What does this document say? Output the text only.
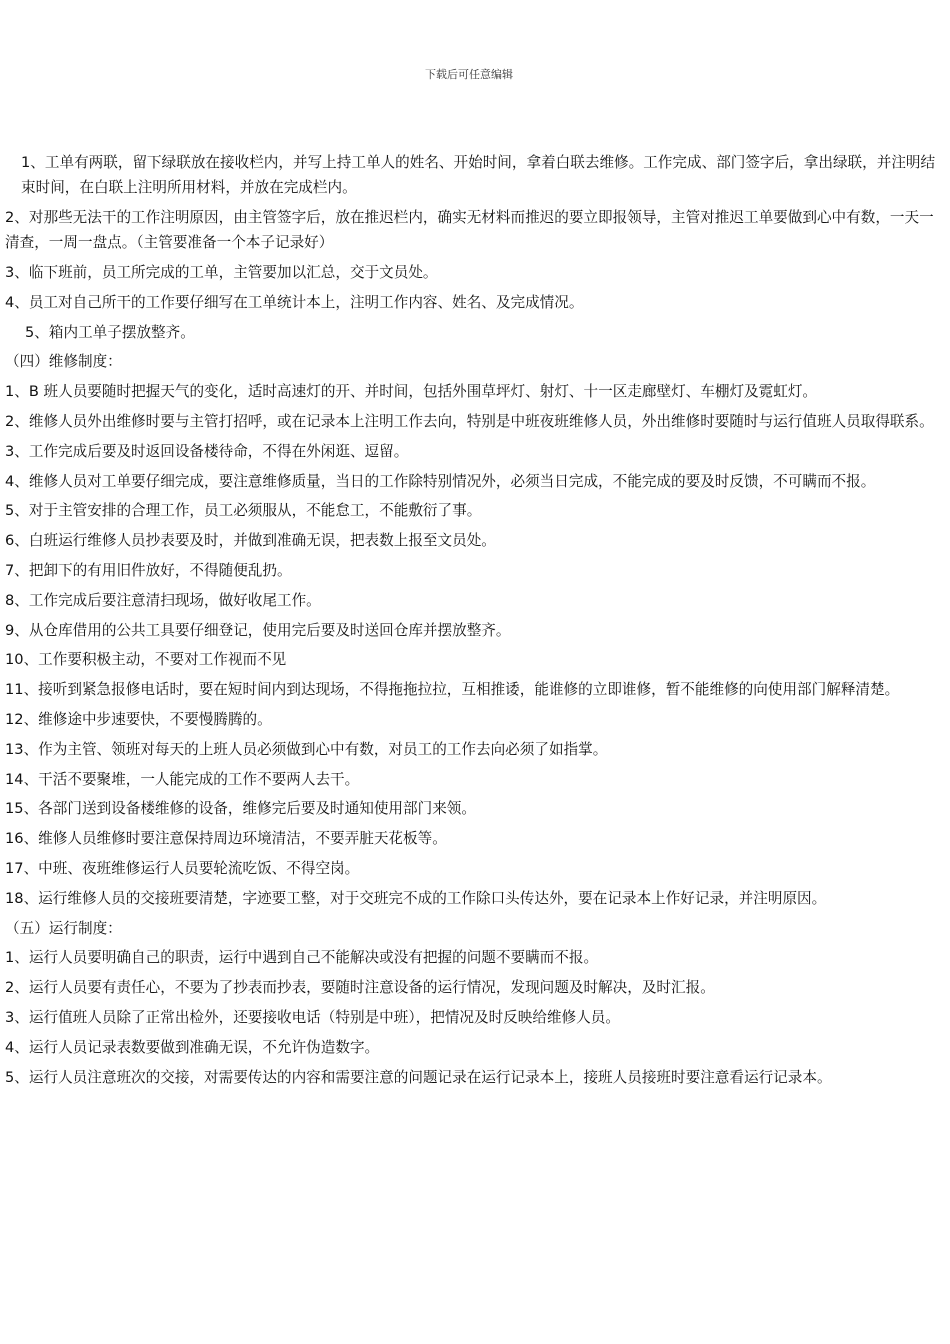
下载后可任意编辑

1、工单有两联，留下绿联放在接收栏内，并写上持工单人的姓名、开始时间，拿着白联去维修。工作完成、部门签字后，拿出绿联，并注明结束时间，在白联上注明所用材料，并放在完成栏内。

2、对那些无法干的工作注明原因，由主管签字后，放在推迟栏内，确实无材料而推迟的要立即报领导，主管对推迟工单要做到心中有数，一天一清查，一周一盘点。（主管要准备一个本子记录好）

3、临下班前，员工所完成的工单，主管要加以汇总，交于文员处。

4、员工对自己所干的工作要仔细写在工单统计本上，注明工作内容、姓名、及完成情况。

5、箱内工单子摆放整齐。

（四）维修制度：

1、B 班人员要随时把握天气的变化，适时高速灯的开、并时间，包括外围草坪灯、射灯、十一区走廊壁灯、车棚灯及霓虹灯。

2、维修人员外出维修时要与主管打招呼，或在记录本上注明工作去向，特别是中班夜班维修人员，外出维修时要随时与运行值班人员取得联系。

3、工作完成后要及时返回设备楼待命，不得在外闲逛、逗留。

4、维修人员对工单要仔细完成，要注意维修质量，当日的工作除特别情况外，必须当日完成，不能完成的要及时反馈，不可瞒而不报。

5、对于主管安排的合理工作，员工必须服从，不能怠工，不能敷衍了事。

6、白班运行维修人员抄表要及时，并做到准确无误，把表数上报至文员处。

7、把卸下的有用旧件放好，不得随便乱扔。

8、工作完成后要注意清扫现场，做好收尾工作。

9、从仓库借用的公共工具要仔细登记，使用完后要及时送回仓库并摆放整齐。

10、工作要积极主动，不要对工作视而不见

11、接听到紧急报修电话时，要在短时间内到达现场，不得拖拖拉拉，互相推诿，能谁修的立即谁修，暂不能维修的向使用部门解释清楚。

12、维修途中步速要快，不要慢腾腾的。

13、作为主管、领班对每天的上班人员必须做到心中有数，对员工的工作去向必须了如指掌。

14、干活不要聚堆，一人能完成的工作不要两人去干。

15、各部门送到设备楼维修的设备，维修完后要及时通知使用部门来领。

16、维修人员维修时要注意保持周边环境清洁，不要弄脏天花板等。

17、中班、夜班维修运行人员要轮流吃饭、不得空岗。

18、运行维修人员的交接班要清楚，字迹要工整，对于交班完不成的工作除口头传达外，要在记录本上作好记录，并注明原因。

（五）运行制度：

1、运行人员要明确自己的职责，运行中遇到自己不能解决或没有把握的问题不要瞒而不报。

2、运行人员要有责任心，不要为了抄表而抄表，要随时注意设备的运行情况，发现问题及时解决，及时汇报。

3、运行值班人员除了正常出检外，还要接收电话（特别是中班），把情况及时反映给维修人员。

4、运行人员记录表数要做到准确无误，不允许伪造数字。

5、运行人员注意班次的交接，对需要传达的内容和需要注意的问题记录在运行记录本上，接班人员接班时要注意看运行记录本。
